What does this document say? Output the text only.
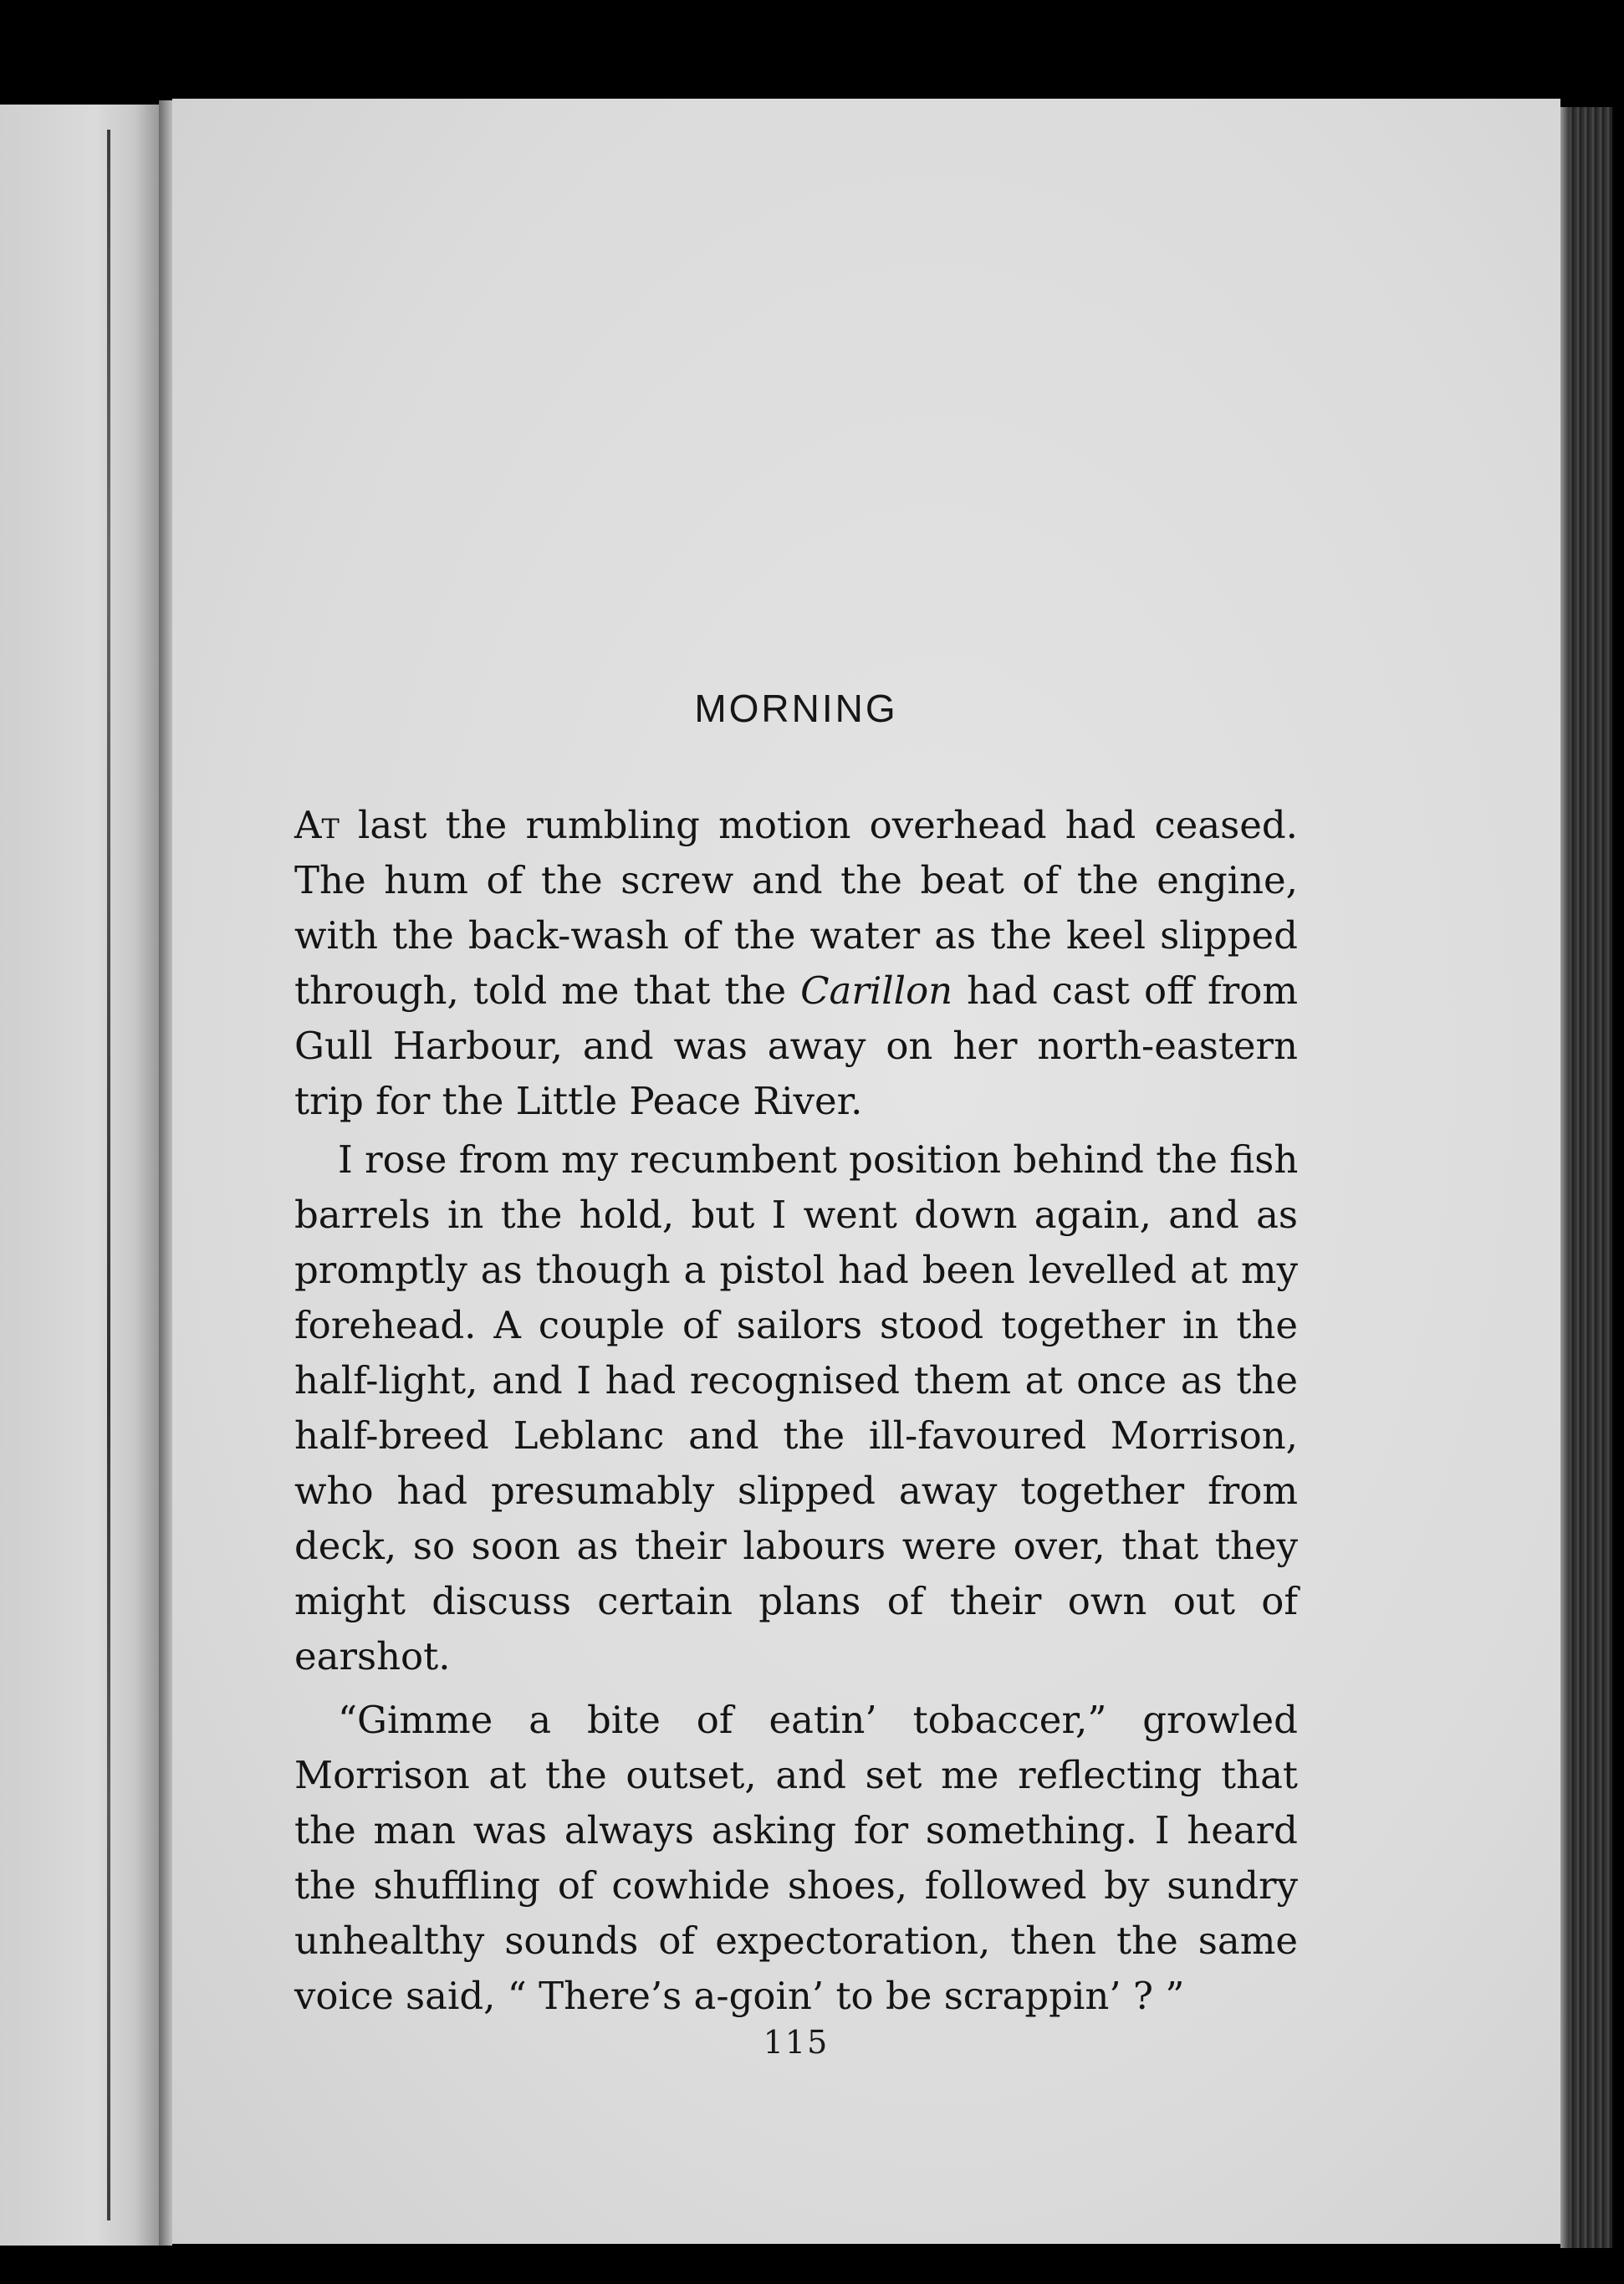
MORNING
At last the rumbling motion overhead had ceased.
The hum of the screw and the beat of the engine,
with the back-wash of the water as the keel slipped
through, told me that the Carillon had cast off from
Gull Harbour, and was away on her north-eastern
trip for the Little Peace River.
I rose from my recumbent position behind the fish
barrels in the hold, but I went down again, and as
promptly as though a pistol had been levelled at my
forehead. A couple of sailors stood together in the
half-light, and I had recognised them at once as the
half-breed Leblanc and the ill-favoured Morrison,
who had presumably slipped away together from
deck, so soon as their labours were over, that they
might discuss certain plans of their own out of
earshot.
“Gimme a bite of eatin’ tobaccer,” growled
Morrison at the outset, and set me reflecting that
the man was always asking for something. I heard
the shuffling of cowhide shoes, followed by sundry
unhealthy sounds of expectoration, then the same
voice said, “ There’s a-goin’ to be scrappin’ ? ”

115
